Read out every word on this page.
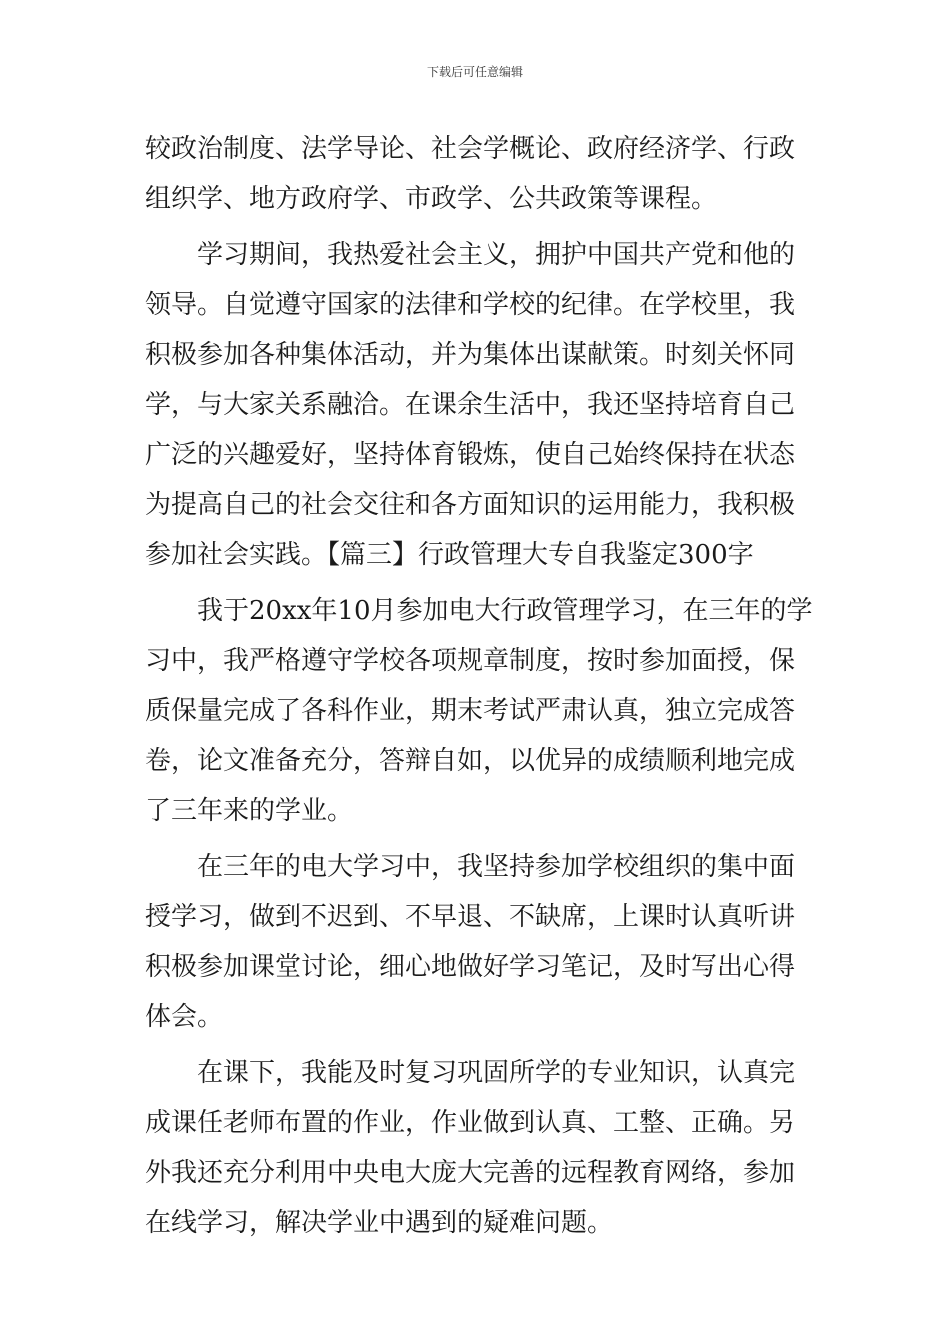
下载后可任意编辑
较政治制度、法学导论、社会学概论、政府经济学、行政
组织学、地方政府学、市政学、公共政策等课程。
学习期间，我热爱社会主义，拥护中国共产党和他的
领导。自觉遵守国家的法律和学校的纪律。在学校里，我
积极参加各种集体活动，并为集体出谋献策。时刻关怀同
学，与大家关系融洽。在课余生活中，我还坚持培育自己
广泛的兴趣爱好，坚持体育锻炼，使自己始终保持在状态
为提高自己的社会交往和各方面知识的运用能力，我积极
参加社会实践。【篇三】行政管理大专自我鉴定300字
我于20xx年10月参加电大行政管理学习，在三年的学
习中，我严格遵守学校各项规章制度，按时参加面授，保
质保量完成了各科作业，期末考试严肃认真，独立完成答
卷，论文准备充分，答辩自如，以优异的成绩顺利地完成
了三年来的学业。
在三年的电大学习中，我坚持参加学校组织的集中面
授学习，做到不迟到、不早退、不缺席，上课时认真听讲
积极参加课堂讨论，细心地做好学习笔记，及时写出心得
体会。
在课下，我能及时复习巩固所学的专业知识，认真完
成课任老师布置的作业，作业做到认真、工整、正确。另
外我还充分利用中央电大庞大完善的远程教育网络，参加
在线学习，解决学业中遇到的疑难问题。
